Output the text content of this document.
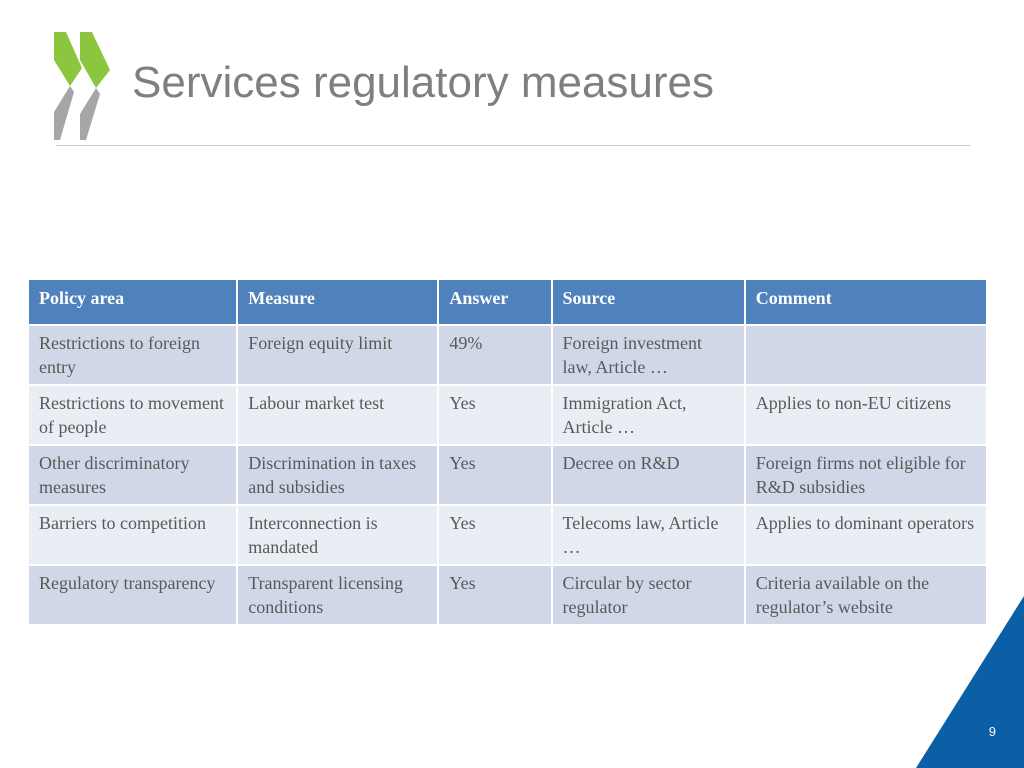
Services regulatory measures
Policy area	Measure	Answer	Source	Comment
Restrictions to foreign entry	Foreign equity limit	49%	Foreign investment law, Article …	
Restrictions to movement of people	Labour market test	Yes	Immigration Act, Article …	Applies to non-EU citizens
Other discriminatory measures	Discrimination in taxes and subsidies	Yes	Decree on R&D	Foreign firms not eligible for R&D subsidies
Barriers to competition	Interconnection is mandated	Yes	Telecoms law, Article …	Applies to dominant operators
Regulatory transparency	Transparent licensing conditions	Yes	Circular by sector regulator	Criteria available on the regulator’s website
9
